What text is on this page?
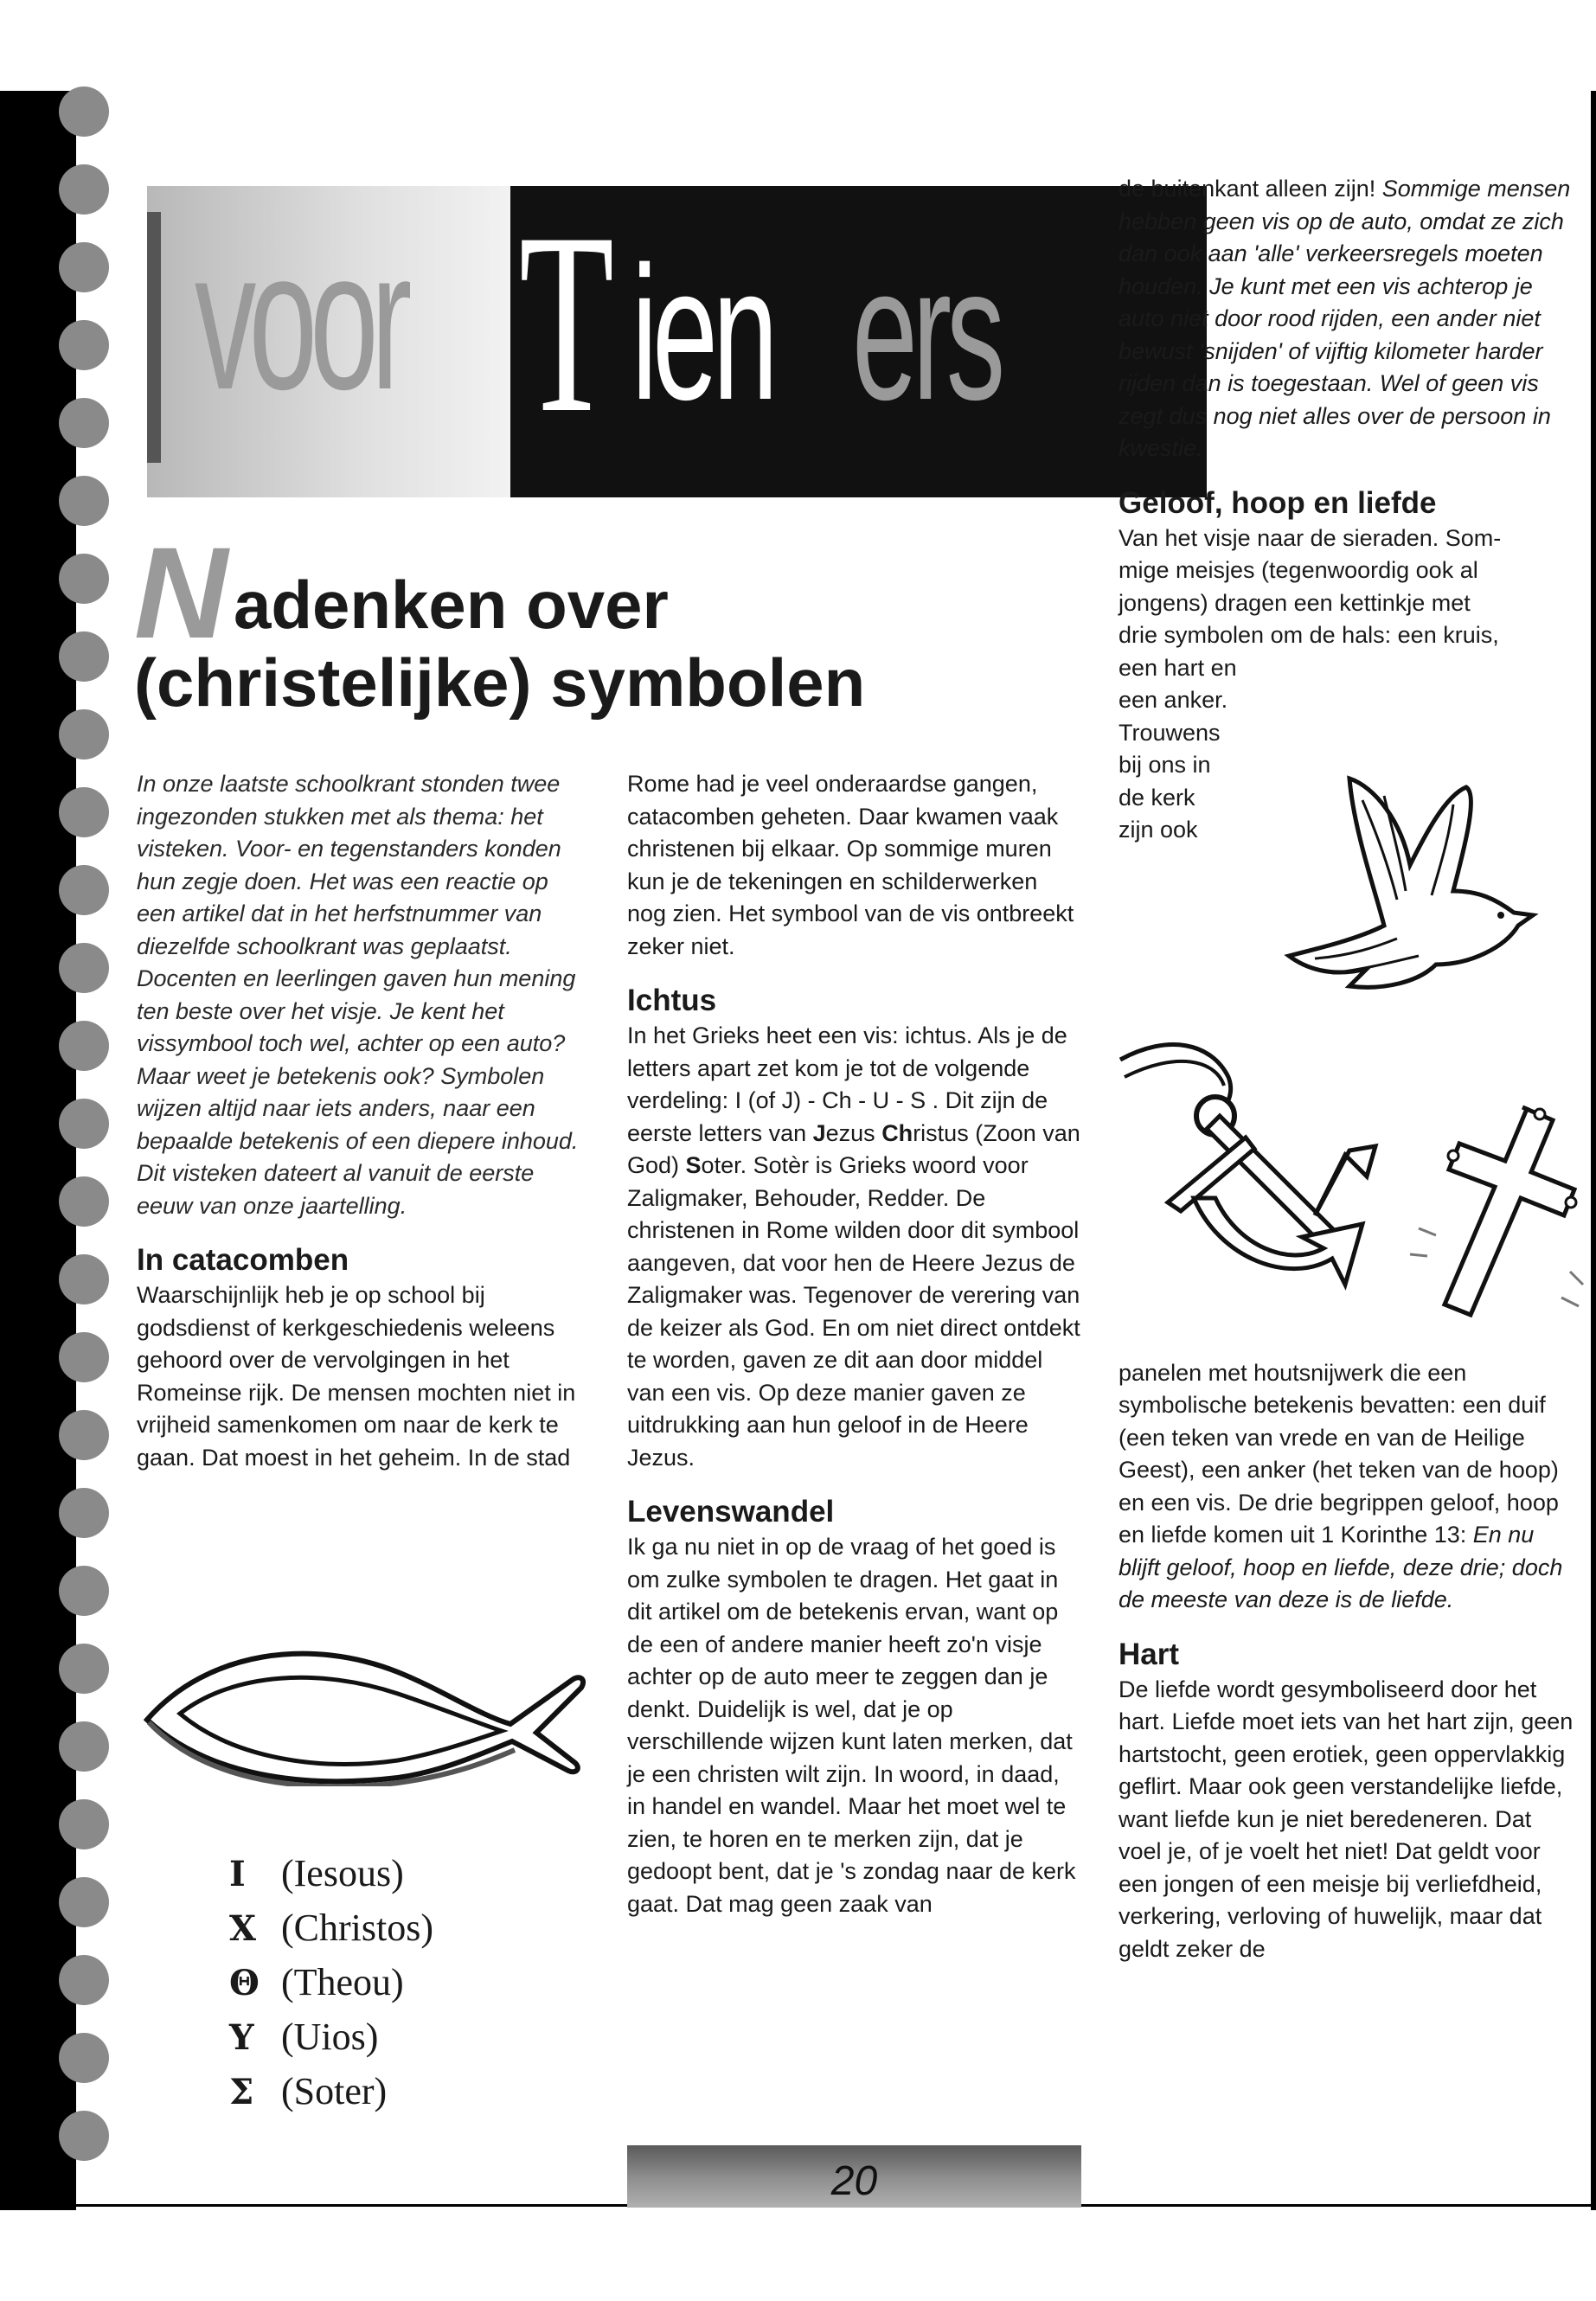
voor T ien ers
N adenken over
(christelijke) symbolen

In onze laatste schoolkrant stonden twee ingezonden stukken met als thema: het visteken. Voor- en tegenstanders konden hun zegje doen. Het was een reactie op een artikel dat in het herfstnummer van diezelfde schoolkrant was geplaatst. Docenten en leerlingen gaven hun mening ten beste over het visje. Je kent het vissymbool toch wel, achter op een auto? Maar weet je betekenis ook? Symbolen wijzen altijd naar iets anders, naar een bepaalde betekenis of een diepere inhoud. Dit visteken dateert al vanuit de eerste eeuw van onze jaartelling.

In catacomben

Waarschijnlijk heb je op school bij godsdienst of kerkgeschiedenis weleens gehoord over de vervolgingen in het Romeinse rijk. De mensen mochten niet in vrijheid samenkomen om naar de kerk te gaan. Dat moest in het geheim. In de stad

I (Iesous)
X (Christos)
Θ (Theou)
Y (Uios)
Σ (Soter)

Rome had je veel onderaardse gangen, catacomben geheten. Daar kwamen vaak christenen bij elkaar. Op sommige muren kun je de tekeningen en schilderwerken nog zien. Het symbool van de vis ontbreekt zeker niet.

Ichtus

In het Grieks heet een vis: ichtus. Als je de letters apart zet kom je tot de volgende verdeling: I (of J) - Ch - U - S . Dit zijn de eerste letters van Jezus Christus (Zoon van God) Soter. Sotèr is Grieks woord voor Zaligmaker, Behouder, Redder. De christenen in Rome wilden door dit symbool aangeven, dat voor hen de Heere Jezus de Zaligmaker was. Tegenover de verering van de keizer als God. En om niet direct ontdekt te worden, gaven ze dit aan door middel van een vis. Op deze manier gaven ze uitdrukking aan hun geloof in de Heere Jezus.

Levenswandel

Ik ga nu niet in op de vraag of het goed is om zulke symbolen te dragen. Het gaat in dit artikel om de betekenis ervan, want op de een of andere manier heeft zo'n visje achter op de auto meer te zeggen dan je denkt. Duidelijk is wel, dat je op verschillende wijzen kunt laten merken, dat je een christen wilt zijn. In woord, in daad, in handel en wandel. Maar het moet wel te zien, te horen en te merken zijn, dat je gedoopt bent, dat je 's zondag naar de kerk gaat. Dat mag geen zaak van

de buitenkant alleen zijn! Sommige mensen hebben geen vis op de auto, omdat ze zich dan ook aan 'alle' verkeersregels moeten houden. Je kunt met een vis achterop je auto niet door rood rijden, een ander niet bewust 'snijden' of vijftig kilometer harder rijden dan is toegestaan. Wel of geen vis zegt dus nog niet alles over de persoon in kwestie.

Geloof, hoop en liefde

Van het visje naar de sieraden. Som-
mige meisjes (tegenwoordig ook al
jongens) dragen een kettinkje met
drie symbolen om de hals: een kruis,
een hart en
een anker.
Trouwens
bij ons in
de kerk
zijn ook

panelen met houtsnijwerk die een symbolische betekenis bevatten: een duif (een teken van vrede en van de Heilige Geest), een anker (het teken van de hoop) en een vis. De drie begrippen geloof, hoop en liefde komen uit 1 Korinthe 13: En nu blijft geloof, hoop en liefde, deze drie; doch de meeste van deze is de liefde.

Hart

De liefde wordt gesymboliseerd door het hart. Liefde moet iets van het hart zijn, geen hartstocht, geen erotiek, geen oppervlakkig geflirt. Maar ook geen verstandelijke liefde, want liefde kun je niet beredeneren. Dat voel je, of je voelt het niet! Dat geldt voor een jongen of een meisje bij verliefdheid, verkering, verloving of huwelijk, maar dat geldt zeker de

20
